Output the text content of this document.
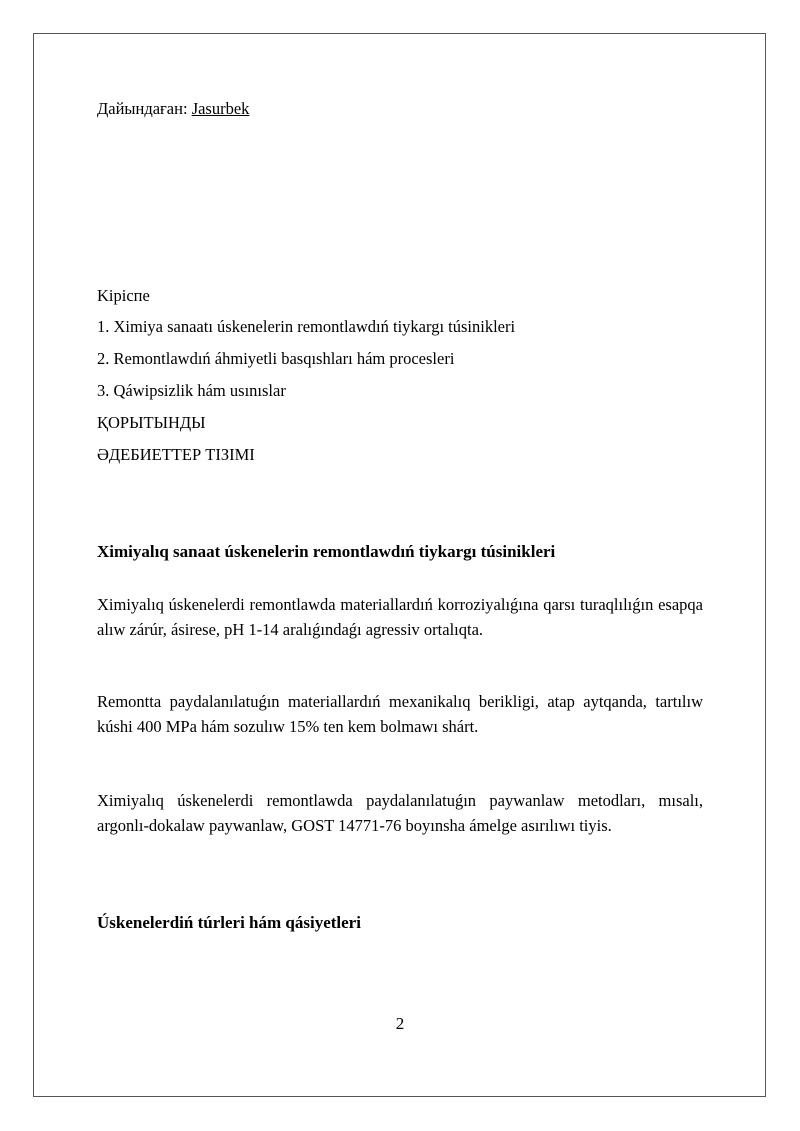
Дайындаған: Jasurbek
Kipicпe
1. Ximiya sanaatı úskenelerin remontlawdıń tiykargı túsinikleri
2. Remontlawdıń áhmiyetli basqıshları hám procesleri
3. Qáwipsizlik hám usınıslar
ҚОРЫТЫНДЫ
ӘДЕБИЕТТЕР ТІЗІМІ
Ximiyalıq sanaat úskenelerin remontlawdıń tiykargı túsinikleri
Ximiyalıq úskenelerdi remontlawda materiallardıń korroziyalıǵına qarsı turaqlılıǵın esapqa alıw zárúr, ásirese, pH 1-14 aralıǵındaǵı agressiv ortalıqta.
Remontta paydalanılatuǵın materiallardıń mexanikalıq berikligi, atap aytqanda, tartılıw kúshi 400 MPa hám sozulıw 15% ten kem bolmawı shárt.
Ximiyalıq úskenelerdi remontlawda paydalanılatuǵın paywanlaw metodları, mısalı, argonlı-dokalaw paywanlaw, GOST 14771-76 boyınsha ámelge asırılıwı tiyis.
Úskenelerdiń túrleri hám qásiyetleri
2
